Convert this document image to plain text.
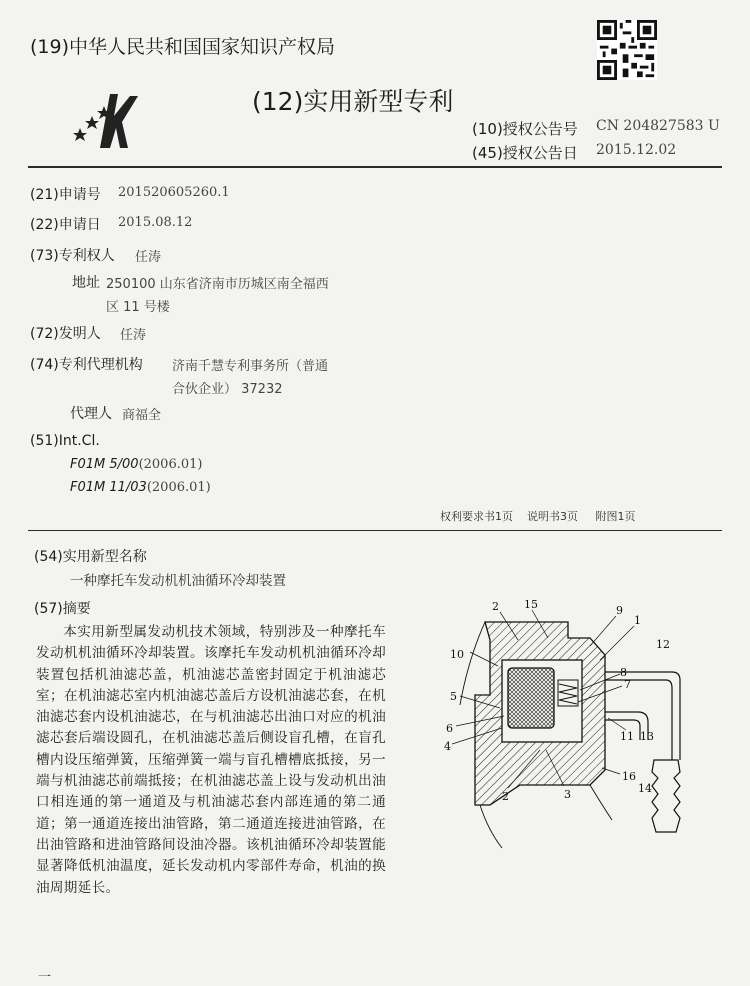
(19)中华人民共和国国家知识产权局
(12)实用新型专利
(10)授权公告号 CN 204827583 U
(45)授权公告日 2015.12.02
(21)申请号 201520605260.1
(22)申请日 2015.08.12
(73)专利权人 任涛
地址 250100 山东省济南市历城区南全福西
区 11 号楼
(72)发明人 任涛
(74)专利代理机构 济南千慧专利事务所（普通
合伙企业） 37232
代理人 商福全
(51)Int.Cl.
F01M 5/00(2006.01)
F01M 11/03(2006.01)
权利要求书1页 说明书3页 附图1页
(54)实用新型名称
一种摩托车发动机机油循环冷却装置
(57)摘要
本实用新型属发动机技术领域，特别涉及一种摩托车发动机机油循环冷却装置。该摩托车发动机机油循环冷却装置包括机油滤芯盖，机油滤芯盖密封固定于机油滤芯室；在机油滤芯室内机油滤芯盖后方设机油滤芯套，在机油滤芯套内设机油滤芯，在与机油滤芯出油口对应的机油滤芯套后端设圆孔，在机油滤芯盖后侧设盲孔槽，在盲孔槽内设压缩弹簧，压缩弹簧一端与盲孔槽槽底抵接，另一端与机油滤芯前端抵接；在机油滤芯盖上设与发动机出油口相连通的第一通道及与机油滤芯套内部连通的第二通道；第一通道连接出油管路，第二通道连接进油管路，在出油管路和进油管路间设油冷器。该机油循环冷却装置能显著降低机油温度，延长发动机内零部件寿命，机油的换油周期延长。
2 15	9
1
12
10
8
7
5
6
4
11 13
16
2	3	14
一
